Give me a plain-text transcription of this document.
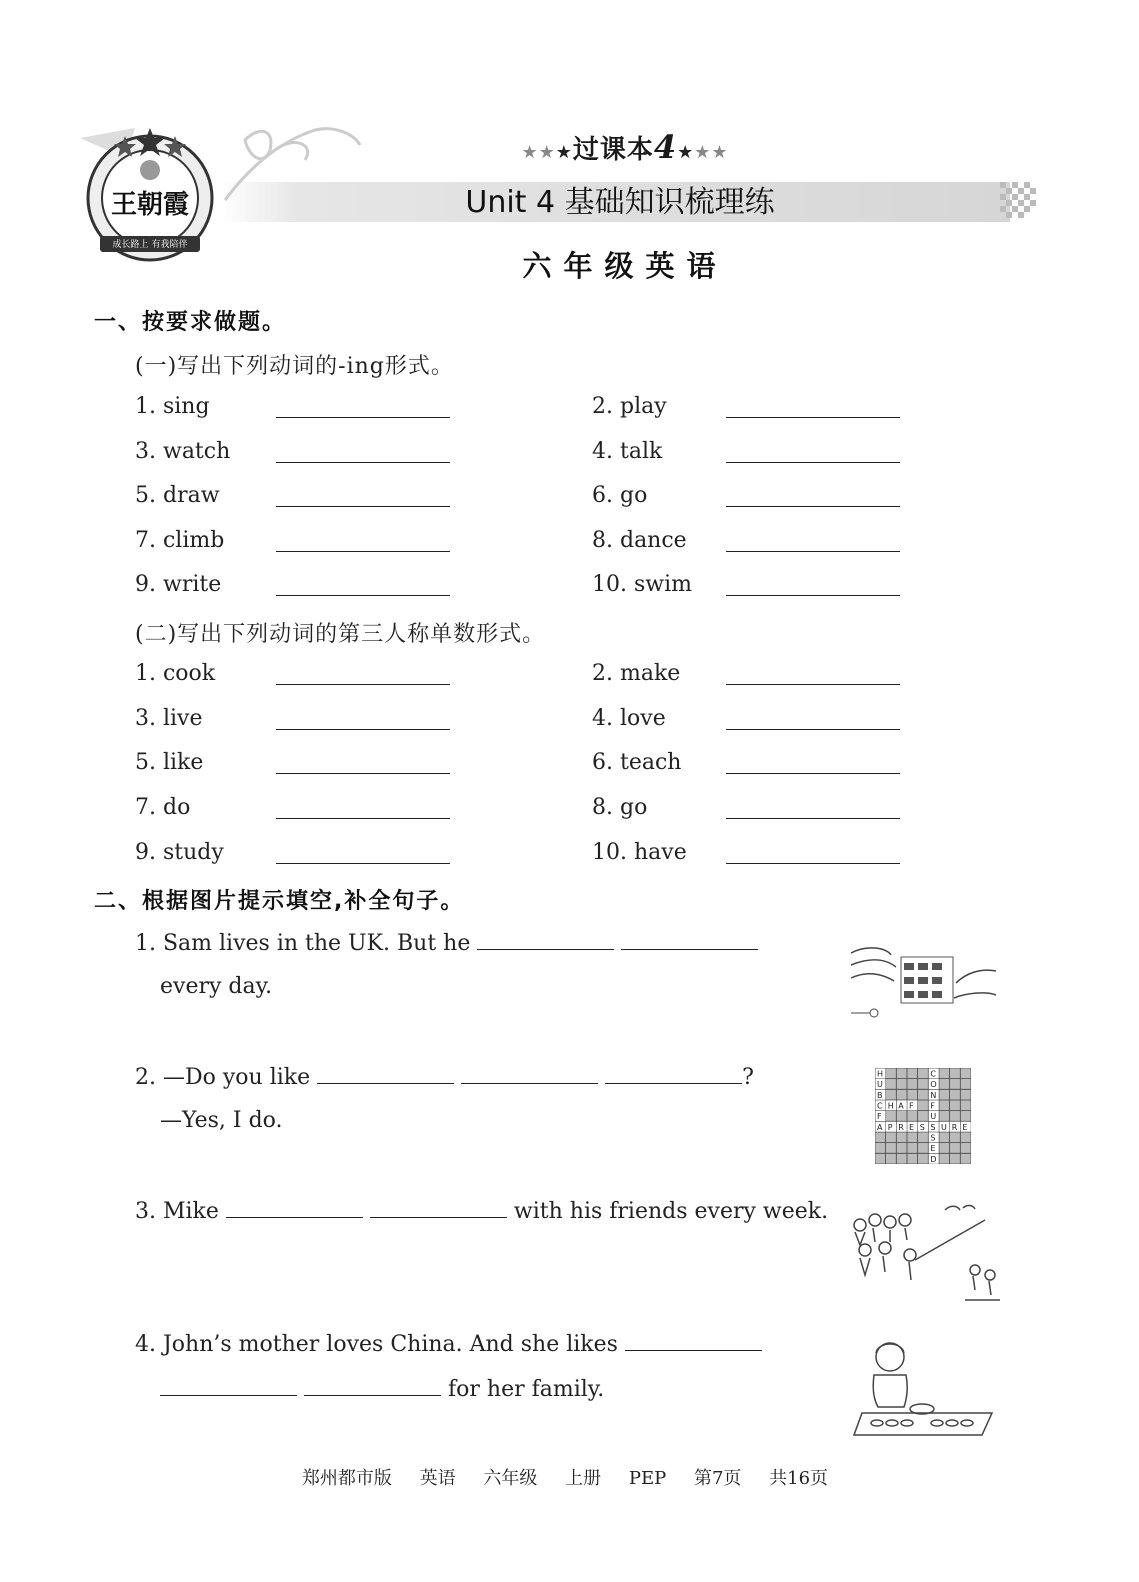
王朝霞
成长路上 有我陪伴
★★★过课本4★★★
Unit 4 基础知识梳理练
六年级英语
一、按要求做题。
(一)写出下列动词的-ing形式。
1. sing	2. play
3. watch	4. talk
5. draw	6. go
7. climb	8. dance
9. write	10. swim
(二)写出下列动词的第三人称单数形式。
1. cook	2. make
3. live	4. love
5. like	6. teach
7. do	8. go
9. study	10. have
二、根据图片提示填空,补全句子。
1. Sam lives in the UK. But he
every day.
2. —Do you like	?
—Yes, I do.
H
U
B
C H A F
F
A P R E S S U R E
C
O
N
F
U
S
E
D
3. Mike	with his friends every week.
4. John’s mother loves China. And she likes
for her family.
郑州都市版 英语 六年级 上册 PEP 第7页 共16页
